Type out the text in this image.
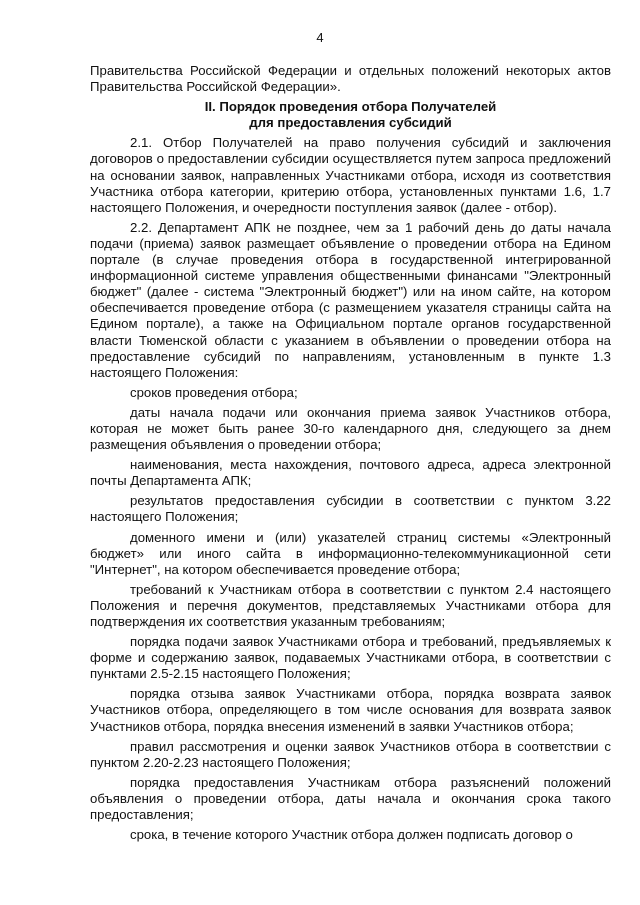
4

Правительства Российской Федерации и отдельных положений некоторых актов Правительства Российской Федерации».

II. Порядок проведения отбора Получателей
для предоставления субсидий

2.1. Отбор Получателей на право получения субсидий и заключения договоров о предоставлении субсидии осуществляется путем запроса предложений на основании заявок, направленных Участниками отбора, исходя из соответствия Участника отбора категории, критерию отбора, установленных пунктами 1.6, 1.7 настоящего Положения, и очередности поступления заявок (далее - отбор).

2.2. Департамент АПК не позднее, чем за 1 рабочий день до даты начала подачи (приема) заявок размещает объявление о проведении отбора на Едином портале (в случае проведения отбора в государственной интегрированной информационной системе управления общественными финансами "Электронный бюджет" (далее - система "Электронный бюджет") или на ином сайте, на котором обеспечивается проведение отбора (с размещением указателя страницы сайта на Едином портале), а также на Официальном портале органов государственной власти Тюменской области с указанием в объявлении о проведении отбора на предоставление субсидий по направлениям, установленным в пункте 1.3 настоящего Положения:

сроков проведения отбора;

даты начала подачи или окончания приема заявок Участников отбора, которая не может быть ранее 30-го календарного дня, следующего за днем размещения объявления о проведении отбора;

наименования, места нахождения, почтового адреса, адреса электронной почты Департамента АПК;

результатов предоставления субсидии в соответствии с пунктом 3.22 настоящего Положения;

доменного имени и (или) указателей страниц системы «Электронный бюджет» или иного сайта в информационно-телекоммуникационной сети "Интернет", на котором обеспечивается проведение отбора;

требований к Участникам отбора в соответствии с пунктом 2.4 настоящего Положения и перечня документов, представляемых Участниками отбора для подтверждения их соответствия указанным требованиям;

порядка подачи заявок Участниками отбора и требований, предъявляемых к форме и содержанию заявок, подаваемых Участниками отбора, в соответствии с пунктами 2.5-2.15 настоящего Положения;

порядка отзыва заявок Участниками отбора, порядка возврата заявок Участников отбора, определяющего в том числе основания для возврата заявок Участников отбора, порядка внесения изменений в заявки Участников отбора;

правил рассмотрения и оценки заявок Участников отбора в соответствии с пунктом 2.20-2.23 настоящего Положения;

порядка предоставления Участникам отбора разъяснений положений объявления о проведении отбора, даты начала и окончания срока такого предоставления;

срока, в течение которого Участник отбора должен подписать договор о
